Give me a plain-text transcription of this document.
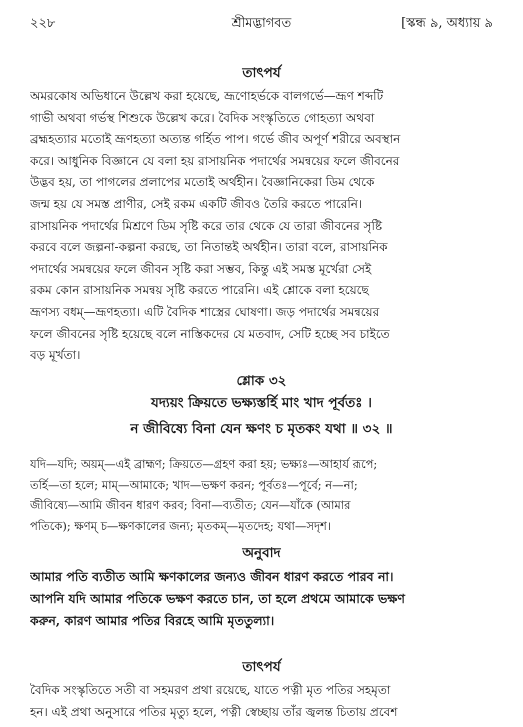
২২৮	শ্রীমদ্ভাগবত	[স্কন্ধ ৯, অধ্যায় ৯
তাৎপর্য
অমরকোষ অভিধানে উল্লেখ করা হয়েছে, ভ্রূণোহর্ভকে বালগর্ভে—ভ্রূণ শব্দটি
গাভী অথবা গর্ভস্থ শিশুকে উল্লেখ করে। বৈদিক সংস্কৃতিতে গোহত্যা অথবা
ব্রহ্মহত্যার মতোই ভ্রূণহত্যা অত্যন্ত গর্হিত পাপ। গর্ভে জীব অপূর্ণ শরীরে অবস্থান
করে। আধুনিক বিজ্ঞানে যে বলা হয় রাসায়নিক পদার্থের সমন্বয়ের ফলে জীবনের
উদ্ভব হয়, তা পাগলের প্রলাপের মতোই অর্থহীন। বৈজ্ঞানিকেরা ডিম থেকে
জন্ম হয় যে সমস্ত প্রাণীর, সেই রকম একটি জীবও তৈরি করতে পারেনি।
রাসায়নিক পদার্থের মিশ্রণে ডিম সৃষ্টি করে তার থেকে যে তারা জীবনের সৃষ্টি
করবে বলে জল্পনা-কল্পনা করছে, তা নিতান্তই অর্থহীন। তারা বলে, রাসায়নিক
পদার্থের সমন্বয়ের ফলে জীবন সৃষ্টি করা সম্ভব, কিন্তু এই সমস্ত মূর্খেরা সেই
রকম কোন রাসায়নিক সমন্বয় সৃষ্টি করতে পারেনি। এই শ্লোকে বলা হয়েছে
ভ্রূণস্য বধম্—ভ্রূণহত্যা। এটি বৈদিক শাস্ত্রের ঘোষণা। জড় পদার্থের সমন্বয়ের
ফলে জীবনের সৃষ্টি হয়েছে বলে নাস্তিকদের যে মতবাদ, সেটি হচ্ছে সব চাইতে
বড় মূর্খতা।
শ্লোক ৩২
যদ্যয়ং ক্রিয়তে ভক্ষ্যস্তর্হি মাং খাদ পূর্বতঃ ।
ন জীবিষ্যে বিনা যেন ক্ষণং চ মৃতকং যথা ॥ ৩২ ॥
যদি—যদি; অয়ম্—এই ব্রাহ্মণ; ক্রিয়তে—গ্রহণ করা হয়; ভক্ষ্যঃ—আহার্য রূপে;
তর্হি—তা হলে; মাম্—আমাকে; খাদ—ভক্ষণ করন; পূর্বতঃ—পূর্বে; ন—না;
জীবিষ্যে—আমি জীবন ধারণ করব; বিনা—ব্যতীত; যেন—যাঁকে (আমার
পতিকে); ক্ষণম্ চ—ক্ষণকালের জন্য; মৃতকম্—মৃতদেহ; যথা—সদৃশ।
অনুবাদ
আমার পতি ব্যতীত আমি ক্ষণকালের জন্যও জীবন ধারণ করতে পারব না।
আপনি যদি আমার পতিকে ভক্ষণ করতে চান, তা হলে প্রথমে আমাকে ভক্ষণ
করুন, কারণ আমার পতির বিরহে আমি মৃততুল্যা।
তাৎপর্য
বৈদিক সংস্কৃতিতে সতী বা সহমরণ প্রথা রয়েছে, যাতে পত্নী মৃত পতির সহমৃতা
হন। এই প্রথা অনুসারে পতির মৃত্যু হলে, পত্নী স্বেচ্ছায় তাঁর জ্বলন্ত চিতায় প্রবেশ
